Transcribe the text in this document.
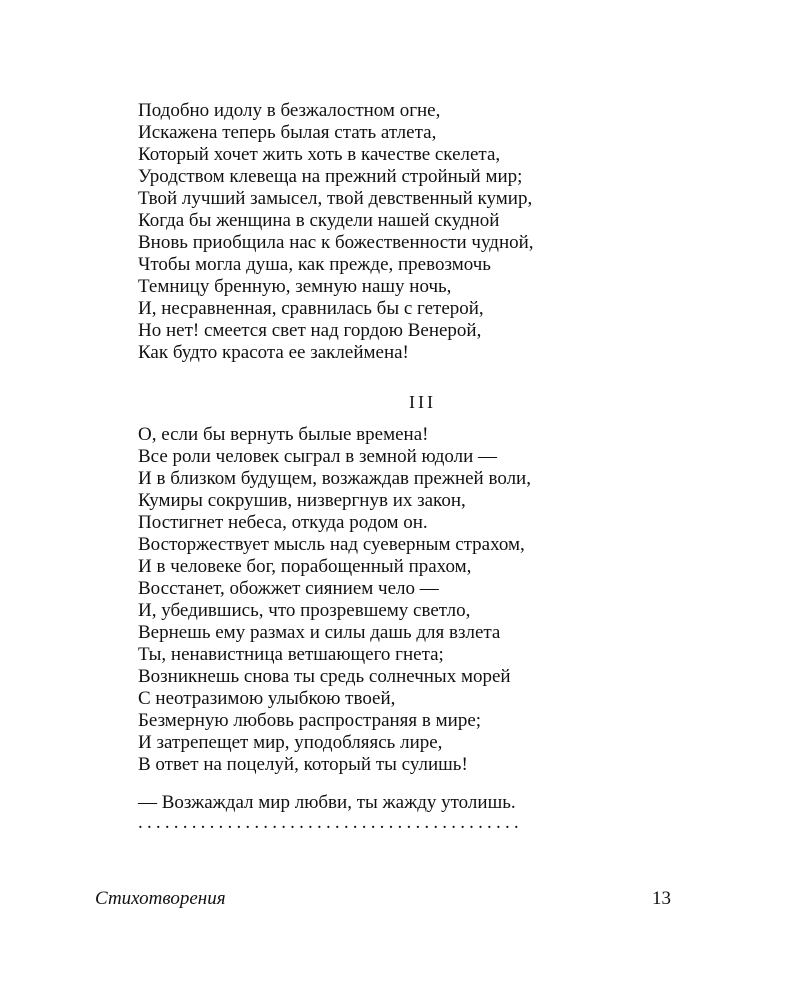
Подобно идолу в безжалостном огне,
Искажена теперь былая стать атлета,
Который хочет жить хоть в качестве скелета,
Уродством клевеща на прежний стройный мир;
Твой лучший замысел, твой девственный кумир,
Когда бы женщина в скудели нашей скудной
Вновь приобщила нас к божественности чудной,
Чтобы могла душа, как прежде, превозмочь
Темницу бренную, земную нашу ночь,
И, несравненная, сравнилась бы с гетерой,
Но нет! смеется свет над гордою Венерой,
Как будто красота ее заклеймена!
III
О, если бы вернуть былые времена!
Все роли человек сыграл в земной юдоли —
И в близком будущем, возжаждав прежней воли,
Кумиры сокрушив, низвергнув их закон,
Постигнет небеса, откуда родом он.
Восторжествует мысль над суеверным страхом,
И в человеке бог, порабощенный прахом,
Восстанет, обожжет сиянием чело —
И, убедившись, что прозревшему светло,
Вернешь ему размах и силы дашь для взлета
Ты, ненавистница ветшающего гнета;
Возникнешь снова ты средь солнечных морей
С неотразимою улыбкою твоей,
Безмерную любовь распространяя в мире;
И затрепещет мир, уподобляясь лире,
В ответ на поцелуй, который ты сулишь!
— Возжаждал мир любви, ты жажду утолишь.
...........................................
Стихотворения	13
